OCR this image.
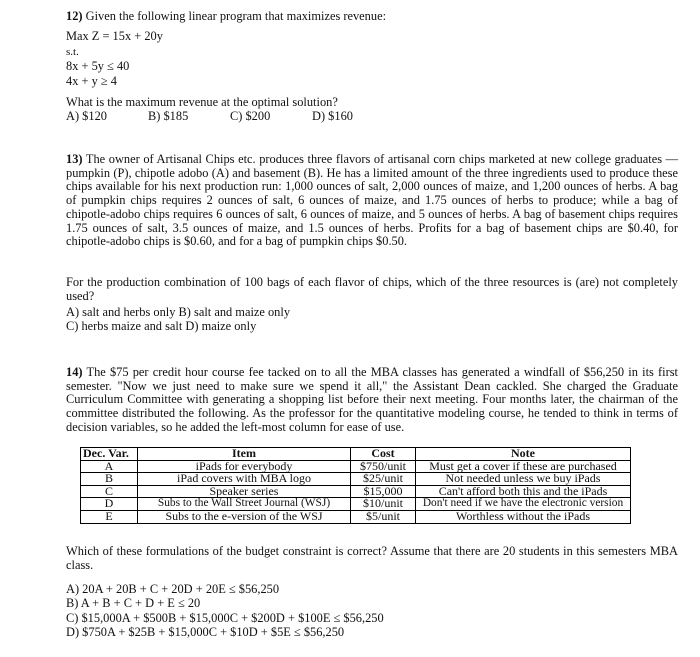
12) Given the following linear program that maximizes revenue:
Max Z = 15x + 20y
s.t.
8x + 5y ≤ 40
4x + y ≥ 4
What is the maximum revenue at the optimal solution?
A) $120	B) $185	C) $200	D) $160
13) The owner of Artisanal Chips etc. produces three flavors of artisanal corn chips marketed at new college graduates — pumpkin (P), chipotle adobo (A) and basement (B). He has a limited amount of the three ingredients used to produce these chips available for his next production run: 1,000 ounces of salt, 2,000 ounces of maize, and 1,200 ounces of herbs. A bag of pumpkin chips requires 2 ounces of salt, 6 ounces of maize, and 1.75 ounces of herbs to produce; while a bag of chipotle-adobo chips requires 6 ounces of salt, 6 ounces of maize, and 5 ounces of herbs. A bag of basement chips requires 1.75 ounces of salt, 3.5 ounces of maize, and 1.5 ounces of herbs. Profits for a bag of basement chips are $0.40, for chipotle-adobo chips is $0.60, and for a bag of pumpkin chips $0.50.
For the production combination of 100 bags of each flavor of chips, which of the three resources is (are) not completely used?
A) salt and herbs only B) salt and maize only
C) herbs maize and salt D) maize only
14) The $75 per credit hour course fee tacked on to all the MBA classes has generated a windfall of $56,250 in its first semester. "Now we just need to make sure we spend it all," the Assistant Dean cackled. She charged the Graduate Curriculum Committee with generating a shopping list before their next meeting. Four months later, the chairman of the committee distributed the following. As the professor for the quantitative modeling course, he tended to think in terms of decision variables, so he added the left-most column for ease of use.
Dec. Var.	Item	Cost	Note
A	iPads for everybody	$750/unit	Must get a cover if these are purchased
B	iPad covers with MBA logo	$25/unit	Not needed unless we buy iPads
C	Speaker series	$15,000	Can't afford both this and the iPads
D	Subs to the Wall Street Journal (WSJ)	$10/unit	Don't need if we have the electronic version
E	Subs to the e-version of the WSJ	$5/unit	Worthless without the iPads
Which of these formulations of the budget constraint is correct? Assume that there are 20 students in this semesters MBA class.
A) 20A + 20B + C + 20D + 20E ≤ $56,250
B) A + B + C + D + E ≤ 20
C) $15,000A + $500B + $15,000C + $200D + $100E ≤ $56,250
D) $750A + $25B + $15,000C + $10D + $5E ≤ $56,250
